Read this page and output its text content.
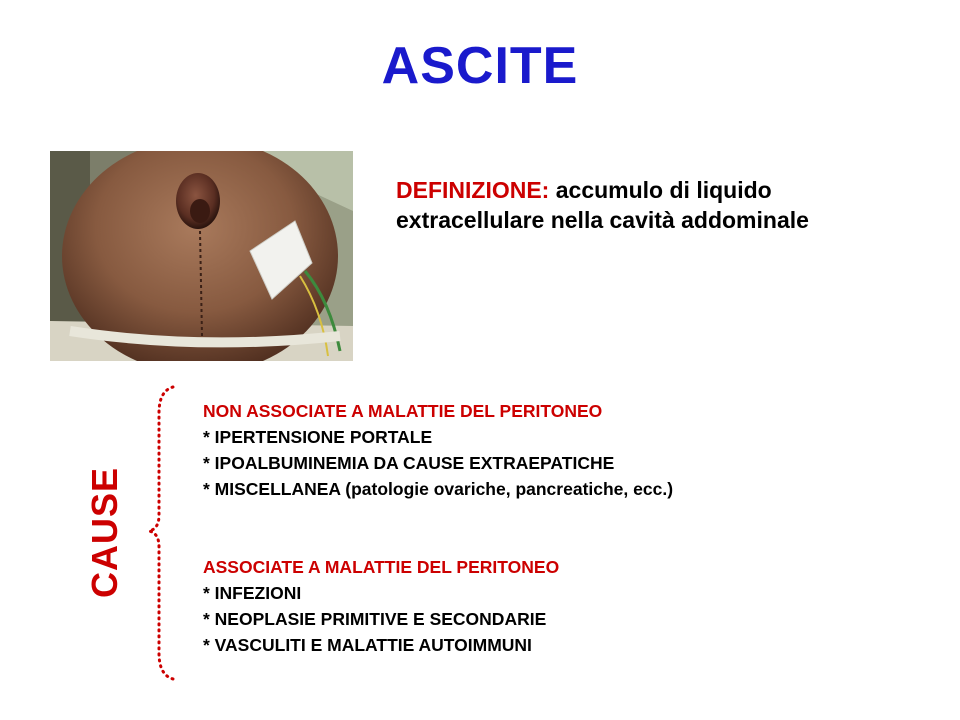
ASCITE
DEFINIZIONE: accumulo di liquido extracellulare nella cavità addominale
CAUSE
NON ASSOCIATE A MALATTIE DEL PERITONEO
* IPERTENSIONE PORTALE
* IPOALBUMINEMIA DA CAUSE EXTRAEPATICHE
* MISCELLANEA (patologie ovariche, pancreatiche, ecc.)
ASSOCIATE A MALATTIE DEL PERITONEO
* INFEZIONI
* NEOPLASIE PRIMITIVE E SECONDARIE
* VASCULITI E MALATTIE AUTOIMMUNI
